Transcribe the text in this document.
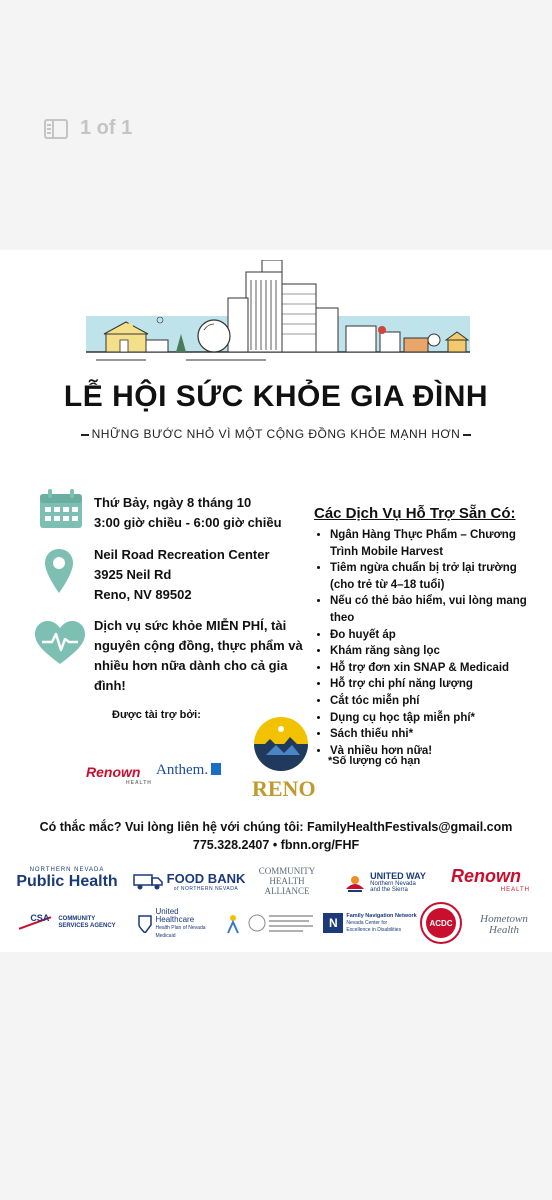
1 of 1
LỄ HỘI SỨC KHỎE GIA ĐÌNH
NHỮNG BƯỚC NHỎ VÌ MỘT CỘNG ĐỒNG KHỎE MẠNH HƠN
Thứ Bảy, ngày 8 tháng 10
3:00 giờ chiều - 6:00 giờ chiều
Neil Road Recreation Center
3925 Neil Rd
Reno, NV 89502
Dịch vụ sức khỏe MIỄN PHÍ, tài nguyên cộng đồng, thực phẩm và nhiều hơn nữa dành cho cả gia đình!
Các Dịch Vụ Hỗ Trợ Sẵn Có:
• Ngân Hàng Thực Phẩm – Chương Trình Mobile Harvest
• Tiêm ngừa chuẩn bị trở lại trường (cho trẻ từ 4–18 tuổi)
• Nếu có thẻ bảo hiểm, vui lòng mang theo
• Đo huyết áp
• Khám răng sàng lọc
• Hỗ trợ đơn xin SNAP & Medicaid
• Hỗ trợ chi phí năng lượng
• Cắt tóc miễn phí
• Dụng cụ học tập miễn phí*
• Sách thiếu nhi*
• Và nhiều hơn nữa!
*Số lượng có hạn
Được tài trợ bởi:
Renown
HEALTH
Anthem.
RENO
Có thắc mắc? Vui lòng liên hệ với chúng tôi: FamilyHealthFestivals@gmail.com
775.328.2407 • fbnn.org/FHF
NORTHERN NEVADA
Public Health	FOOD BANK
of NORTHERN NEVADA
COMMUNITY
HEALTH
ALLIANCE
UNITED WAY
Northern Nevada
and the Sierra
Renown
HEALTH
CSA COMMUNITY
SERVICES AGENCY
United
Healthcare
Health Plan of Nevada
Medicaid
N
Family Navigation Network
Nevada Center for
Excellence in Disabilities
ACDC	Hometown
Health
